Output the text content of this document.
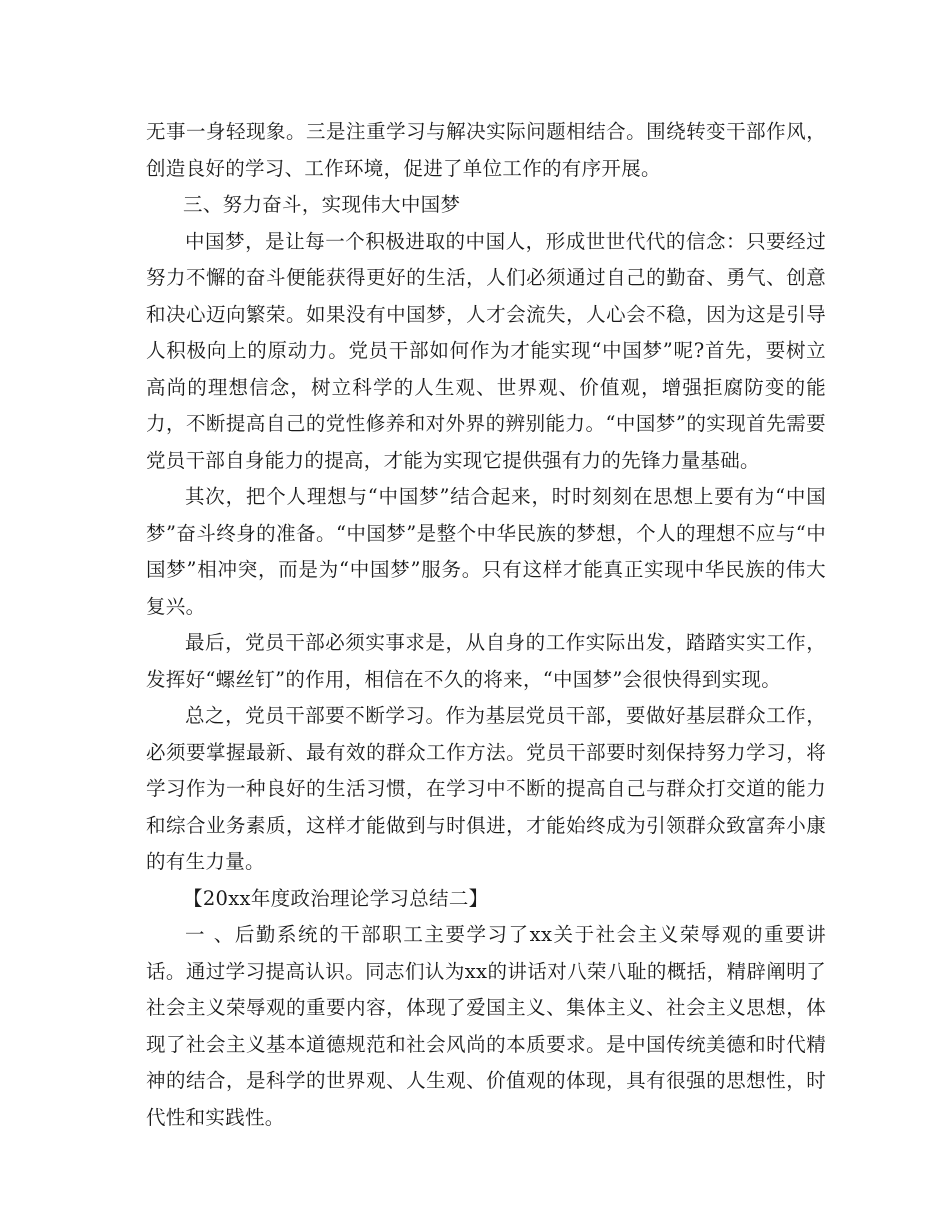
无事一身轻现象。三是注重学习与解决实际问题相结合。围绕转变干部作风，创造良好的学习、工作环境，促进了单位工作的有序开展。

三、努力奋斗，实现伟大中国梦

中国梦，是让每一个积极进取的中国人，形成世世代代的信念：只要经过努力不懈的奋斗便能获得更好的生活，人们必须通过自己的勤奋、勇气、创意和决心迈向繁荣。如果没有中国梦，人才会流失，人心会不稳，因为这是引导人积极向上的原动力。党员干部如何作为才能实现“中国梦”呢?首先，要树立高尚的理想信念，树立科学的人生观、世界观、价值观，增强拒腐防变的能力，不断提高自己的党性修养和对外界的辨别能力。“中国梦”的实现首先需要党员干部自身能力的提高，才能为实现它提供强有力的先锋力量基础。

其次，把个人理想与“中国梦”结合起来，时时刻刻在思想上要有为“中国梦”奋斗终身的准备。“中国梦”是整个中华民族的梦想，个人的理想不应与“中国梦”相冲突，而是为“中国梦”服务。只有这样才能真正实现中华民族的伟大复兴。

最后，党员干部必须实事求是，从自身的工作实际出发，踏踏实实工作，发挥好“螺丝钉”的作用，相信在不久的将来，“中国梦”会很快得到实现。

总之，党员干部要不断学习。作为基层党员干部，要做好基层群众工作，必须要掌握最新、最有效的群众工作方法。党员干部要时刻保持努力学习，将学习作为一种良好的生活习惯，在学习中不断的提高自己与群众打交道的能力和综合业务素质，这样才能做到与时俱进，才能始终成为引领群众致富奔小康的有生力量。

【20xx年度政治理论学习总结二】

一 、后勤系统的干部职工主要学习了xx关于社会主义荣辱观的重要讲话。通过学习提高认识。同志们认为xx的讲话对八荣八耻的概括，精辟阐明了社会主义荣辱观的重要内容，体现了爱国主义、集体主义、社会主义思想，体现了社会主义基本道德规范和社会风尚的本质要求。是中国传统美德和时代精神的结合，是科学的世界观、人生观、价值观的体现，具有很强的思想性，时代性和实践性。
